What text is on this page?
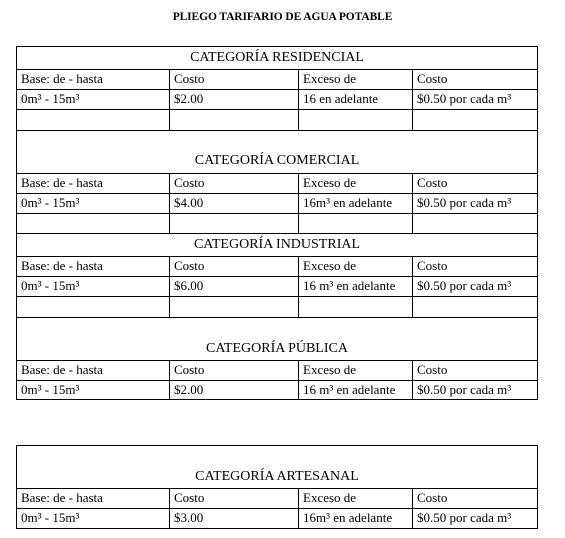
PLIEGO TARIFARIO DE AGUA POTABLE
CATEGORÍA RESIDENCIAL
Base: de - hasta	Costo	Exceso de	Costo
0m³ - 15m³	$2.00	16 en adelante	$0.50 por cada m³
CATEGORÍA COMERCIAL
Base: de - hasta	Costo	Exceso de	Costo
0m³ - 15m³	$4.00	16m³ en adelante	$0.50 por cada m³
CATEGORÍA INDUSTRIAL
Base: de - hasta	Costo	Exceso de	Costo
0m³ - 15m³	$6.00	16 m³ en adelante	$0.50 por cada m³
CATEGORÍA PÚBLICA
Base: de - hasta	Costo	Exceso de	Costo
0m³ - 15m³	$2.00	16 m³ en adelante	$0.50 por cada m³
CATEGORÍA ARTESANAL
Base: de - hasta	Costo	Exceso de	Costo
0m³ - 15m³	$3.00	16m³ en adelante	$0.50 por cada m³
